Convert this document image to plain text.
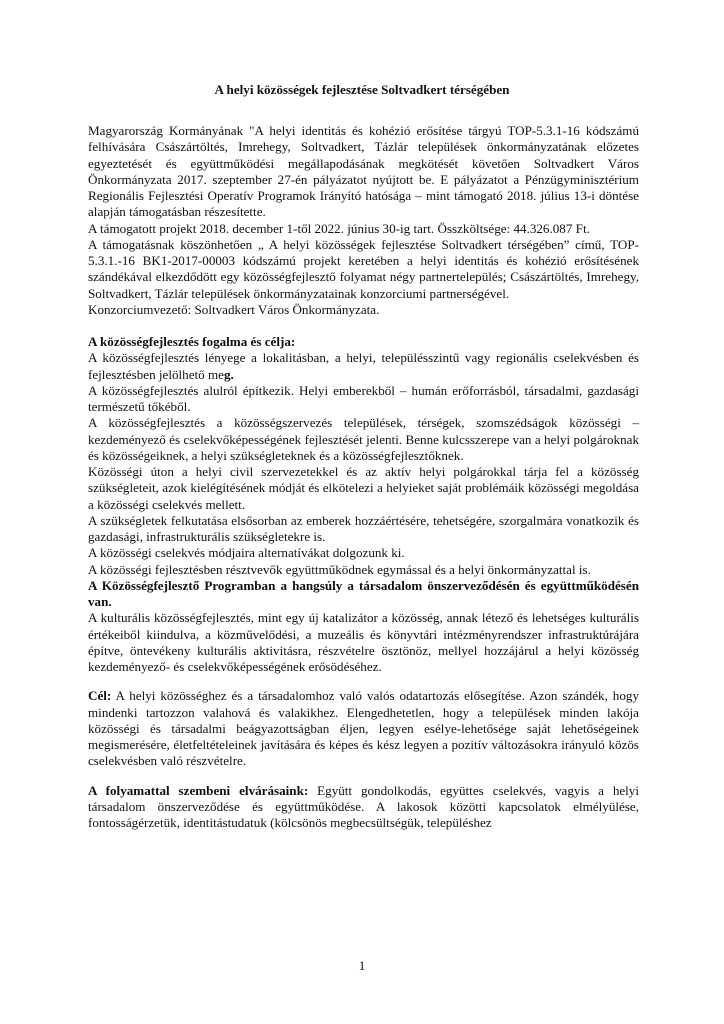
A helyi közösségek fejlesztése Soltvadkert térségében

Magyarország Kormányának "A helyi identitás és kohézió erősítése tárgyú TOP-5.3.1-16 kódszámú felhívására Császártöltés, Imrehegy, Soltvadkert, Tázlár települések önkormányzatának előzetes egyeztetését és együttműködési megállapodásának megkötését követően Soltvadkert Város Önkormányzata 2017. szeptember 27-én pályázatot nyújtott be. E pályázatot a Pénzügyminisztérium Regionális Fejlesztési Operatív Programok Irányító hatósága – mint támogató 2018. július 13-i döntése alapján támogatásban részesítette.

A támogatott projekt 2018. december 1-től 2022. június 30-ig tart. Összköltsége: 44.326.087 Ft.

A támogatásnak köszönhetően „ A helyi közösségek fejlesztése Soltvadkert térségében” című, TOP-5.3.1.-16 BK1-2017-00003 kódszámú projekt keretében a helyi identitás és kohézió erősítésének szándékával elkezdődött egy közösségfejlesztő folyamat négy partnertelepülés; Császártöltés, Imrehegy, Soltvadkert, Tázlár települések önkormányzatainak konzorciumi partnerségével.

Konzorciumvezető: Soltvadkert Város Önkormányzata.

A közösségfejlesztés fogalma és célja:

A közösségfejlesztés lényege a lokalitásban, a helyi, településszintű vagy regionális cselekvésben és fejlesztésben jelölhető meg.

A közösségfejlesztés alulról építkezik. Helyi emberekből – humán erőforrásból, társadalmi, gazdasági természetű tőkéből.

A közösségfejlesztés a közösségszervezés települések, térségek, szomszédságok közösségi – kezdeményező és cselekvőképességének fejlesztését jelenti. Benne kulcsszerepe van a helyi polgároknak és közösségeiknek, a helyi szükségleteknek és a közösségfejlesztőknek.

Közösségi úton a helyi civil szervezetekkel és az aktív helyi polgárokkal tárja fel a közösség szükségleteit, azok kielégítésének módját és elkötelezi a helyieket saját problémáik közösségi megoldása a közösségi cselekvés mellett.

A szükségletek felkutatása elsősorban az emberek hozzáértésére, tehetségére, szorgalmára vonatkozik és gazdasági, infrastrukturális szükségletekre is.

A közösségi cselekvés módjaira alternatívákat dolgozunk ki.

A közösségi fejlesztésben résztvevők együttműködnek egymással és a helyi önkormányzattal is.

A Közösségfejlesztő Programban a hangsúly a társadalom önszerveződésén és együttműködésén van.

A kulturális közösségfejlesztés, mint egy új katalizátor a közösség, annak létező és lehetséges kulturális értékeiből kiindulva, a közművelődési, a muzeális és könyvtári intézményrendszer infrastruktúrájára építve, öntevékeny kulturális aktivitásra, részvételre ösztönöz, mellyel hozzájárul a helyi közösség kezdeményező- és cselekvőképességének erősödéséhez.

Cél: A helyi közösséghez és a társadalomhoz való valós odatartozás elősegítése. Azon szándék, hogy mindenki tartozzon valahová és valakikhez. Elengedhetetlen, hogy a települések minden lakója közösségi és társadalmi beágyazottságban éljen, legyen esélye-lehetősége saját lehetőségeinek megismerésére, életfeltételeinek javítására és képes és kész legyen a pozitív változásokra irányuló közös cselekvésben való részvételre.

A folyamattal szembeni elvárásaink: Együtt gondolkodás, együttes cselekvés, vagyis a helyi társadalom önszerveződése és együttműködése. A lakosok közötti kapcsolatok elmélyülése, fontosságérzetük, identitástudatuk (kölcsönös megbecsültségük, településhez

1
